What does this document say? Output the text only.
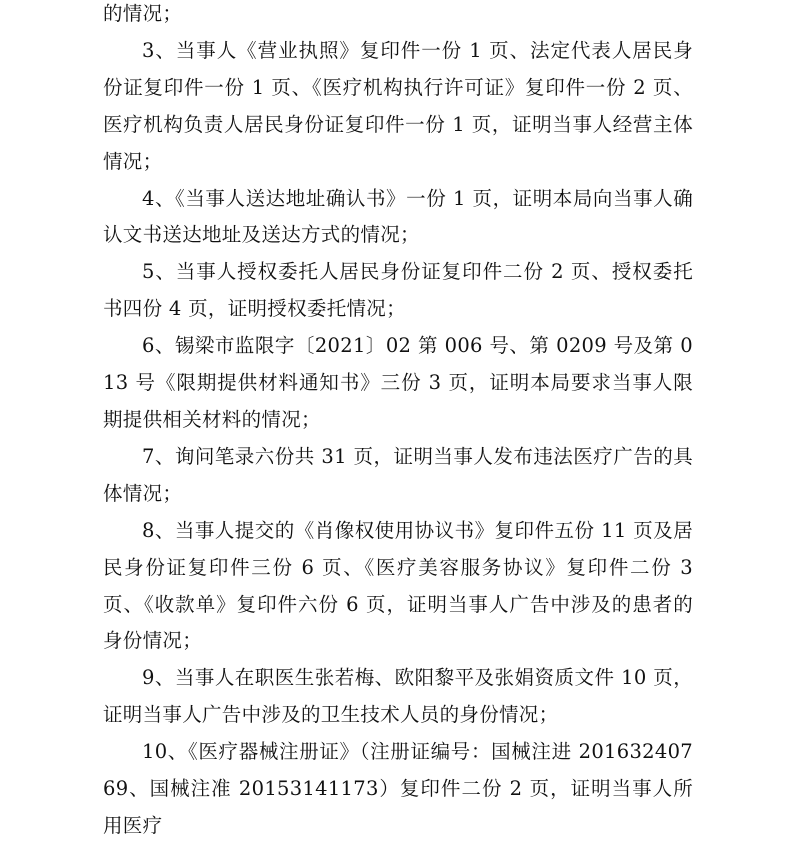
的情况；

3、当事人《营业执照》复印件一份 1 页、法定代表人居民身份证复印件一份 1 页、《医疗机构执行许可证》复印件一份 2 页、医疗机构负责人居民身份证复印件一份 1 页，证明当事人经营主体情况；

4、《当事人送达地址确认书》一份 1 页，证明本局向当事人确认文书送达地址及送达方式的情况；

5、当事人授权委托人居民身份证复印件二份 2 页、授权委托书四份 4 页，证明授权委托情况；

6、锡梁市监限字〔2021〕02 第 006 号、第 0209 号及第 013 号《限期提供材料通知书》三份 3 页，证明本局要求当事人限期提供相关材料的情况；

7、询问笔录六份共 31 页，证明当事人发布违法医疗广告的具体情况；

8、当事人提交的《肖像权使用协议书》复印件五份 11 页及居民身份证复印件三份 6 页、《医疗美容服务协议》复印件二份 3 页、《收款单》复印件六份 6 页，证明当事人广告中涉及的患者的身份情况；

9、当事人在职医生张若梅、欧阳黎平及张娟资质文件 10 页，证明当事人广告中涉及的卫生技术人员的身份情况；

10、《医疗器械注册证》（注册证编号：国械注进 20163240769、国械注准 20153141173）复印件二份 2 页，证明当事人所用医疗
